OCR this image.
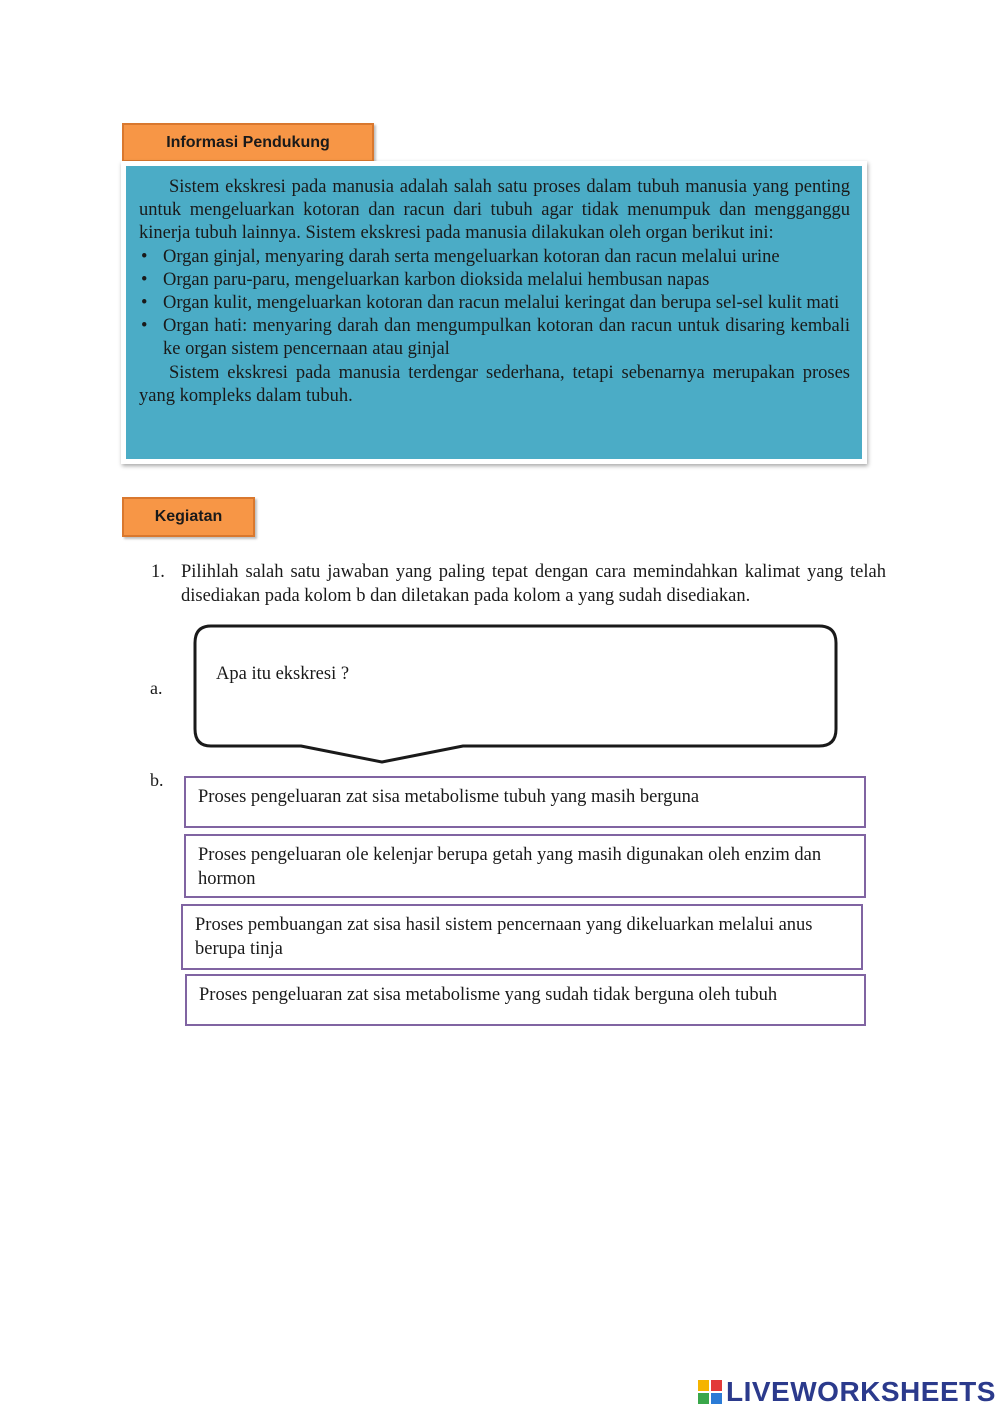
Informasi Pendukung

Sistem ekskresi pada manusia adalah salah satu proses dalam tubuh manusia yang penting untuk mengeluarkan kotoran dan racun dari tubuh agar tidak menumpuk dan mengganggu kinerja tubuh lainnya. Sistem ekskresi pada manusia dilakukan oleh organ berikut ini:

• Organ ginjal, menyaring darah serta mengeluarkan kotoran dan racun melalui urine
• Organ paru-paru, mengeluarkan karbon dioksida melalui hembusan napas
• Organ kulit, mengeluarkan kotoran dan racun melalui keringat dan berupa sel-sel kulit mati
• Organ hati: menyaring darah dan mengumpulkan kotoran dan racun untuk disaring kembali ke organ sistem pencernaan atau ginjal

Sistem ekskresi pada manusia terdengar sederhana, tetapi sebenarnya merupakan proses yang kompleks dalam tubuh.

Kegiatan
1. Pilihlah salah satu jawaban yang paling tepat dengan cara memindahkan kalimat yang telah disediakan pada kolom b dan diletakan pada kolom a yang sudah disediakan.
a.
Apa itu ekskresi ?
b.
Proses pengeluaran zat sisa metabolisme tubuh yang masih berguna
Proses pengeluaran ole kelenjar berupa getah yang masih digunakan oleh enzim dan hormon
Proses pembuangan zat sisa hasil sistem pencernaan yang dikeluarkan melalui anus berupa tinja
Proses pengeluaran zat sisa metabolisme yang sudah tidak berguna oleh tubuh
LIVEWORKSHEETS
